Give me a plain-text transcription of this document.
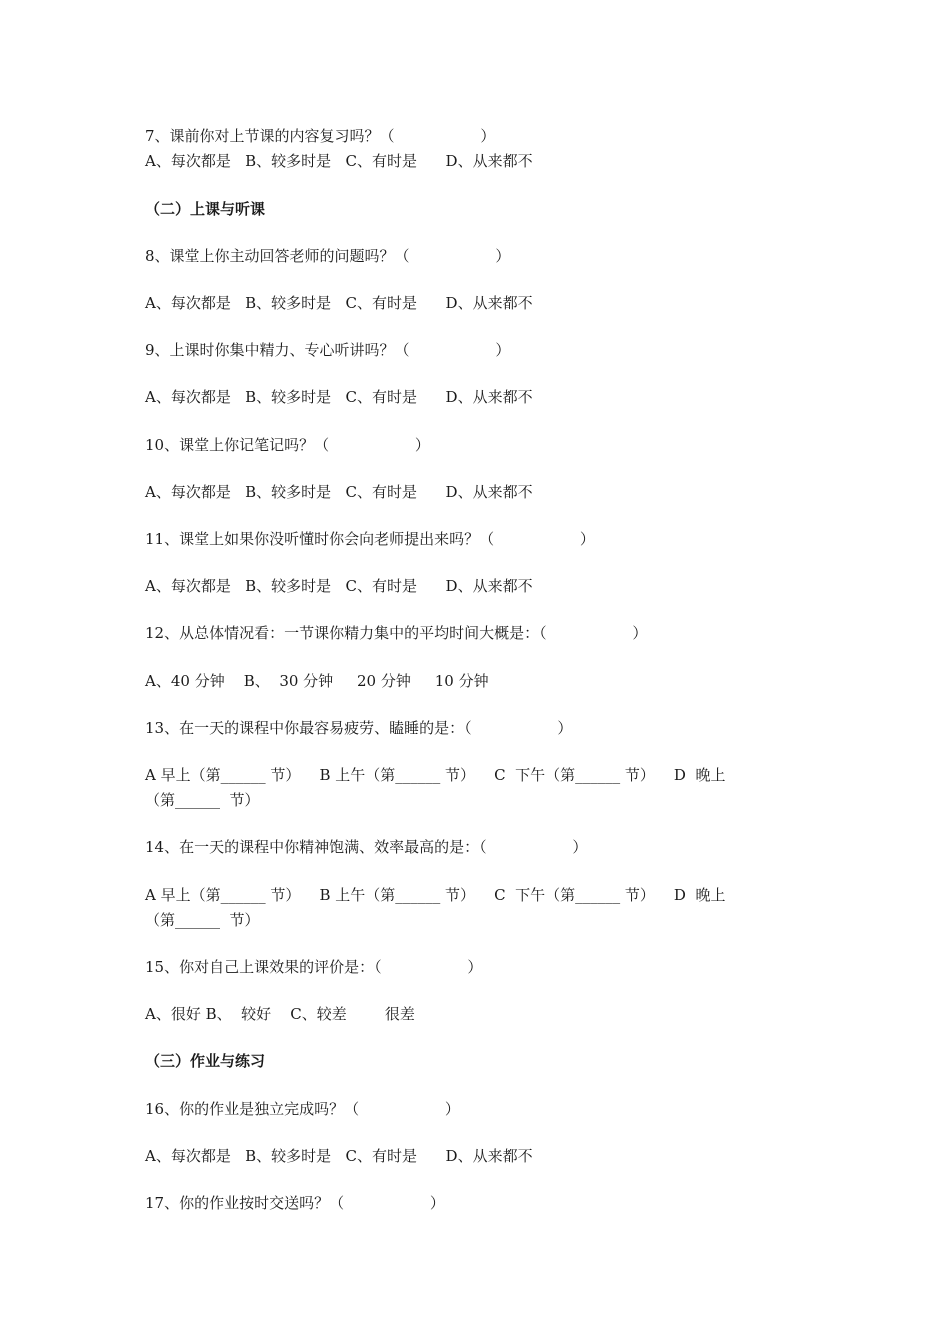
7、课前你对上节课的内容复习吗？（                  ）
A、每次都是   B、较多时是   C、有时是      D、从来都不
（二）上课与听课
8、课堂上你主动回答老师的问题吗？（                  ）
A、每次都是   B、较多时是   C、有时是      D、从来都不
9、上课时你集中精力、专心听讲吗？（                  ）
A、每次都是   B、较多时是   C、有时是      D、从来都不
10、课堂上你记笔记吗？（                  ）
A、每次都是   B、较多时是   C、有时是      D、从来都不
11、课堂上如果你没听懂时你会向老师提出来吗？（                  ）
A、每次都是   B、较多时是   C、有时是      D、从来都不
12、从总体情况看：一节课你精力集中的平均时间大概是：（                  ）
A、40 分钟    B、  30 分钟     20 分钟     10 分钟
13、在一天的课程中你最容易疲劳、瞌睡的是：（                  ）
A 早上（第______ 节）    B 上午（第______ 节）    C  下午（第______ 节）    D  晚上
（第______  节）
14、在一天的课程中你精神饱满、效率最高的是：（                  ）
A 早上（第______ 节）    B 上午（第______ 节）    C  下午（第______ 节）    D  晚上
（第______  节）
15、你对自己上课效果的评价是：（                  ）
A、很好 B、  较好    C、较差        很差
（三）作业与练习
16、你的作业是独立完成吗？（                  ）
A、每次都是   B、较多时是   C、有时是      D、从来都不
17、你的作业按时交送吗？（                  ）
